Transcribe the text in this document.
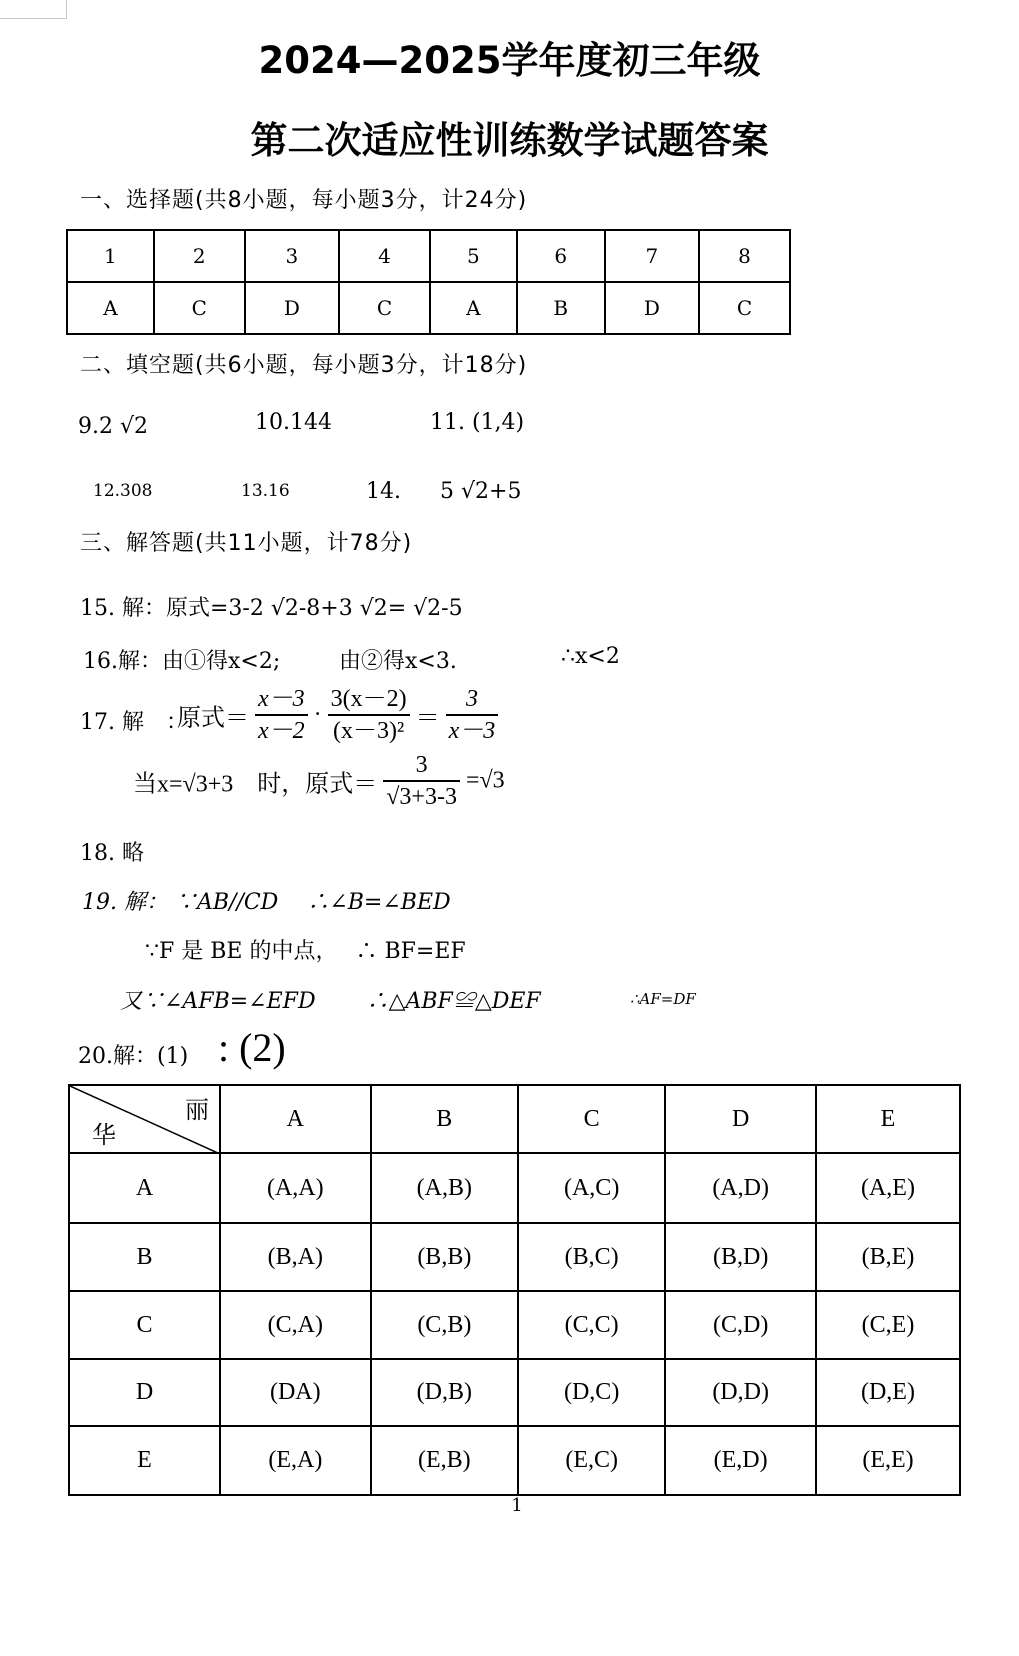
2024—2025学年度初三年级
第二次适应性训练数学试题答案
一、选择题(共8小题，每小题3分，计24分)
1	2	3	4	5	6	7	8
A	C	D	C	A	B	D	C
二、填空题(共6小题，每小题3分，计18分)
9.2 √2	10.144	11. (1,4)
12.308	13.16	14. 5 √2+5
三、解答题(共11小题，计78分)
15. 解：原式=3-2 √2-8+3 √2= √2-5
16.解：由①得x<2;	由②得x<3.	∴x<2
17. 解　：
原式＝ $\frac{x-3}{x-2} \cdot \frac{3(x-2)}{\text{(x－3)²}} = \frac{3}{x-3}$
当x=√3+3　时，原式＝ $\frac{3}{√3+3-3} =√3$
18. 略
19. 解： ∵AB//CD　 ∴∠B=∠BED
∵F 是 BE 的中点，　 ∴ BF=EF
又∵∠AFB=∠EFD　　 ∴△ABF≌△DEF	∴AF=DF
20.解：(1) : (2)
丽
华	A	B	C	D	E
A	(A,A)	(A,B)	(A,C)	(A,D)	(A,E)
B	(B,A)	(B,B)	(B,C)	(B,D)	(B,E)
C	(C,A)	(C,B)	(C,C)	(C,D)	(C,E)
D	(DA)	(D,B)	(D,C)	(D,D)	(D,E)
E	(E,A)	(E,B)	(E,C)	(E,D)	(E,E)
1
